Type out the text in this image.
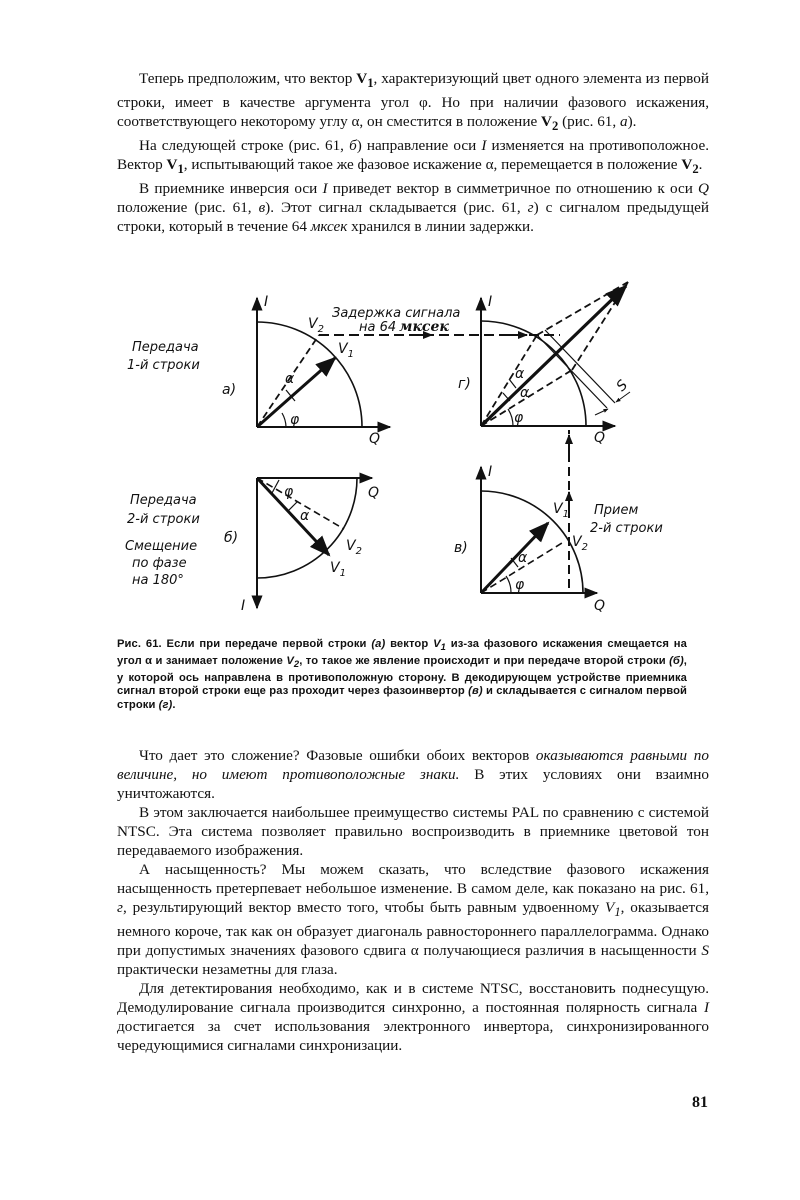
Теперь предположим, что вектор $V_1$, характеризующий цвет одного элемента из первой строки, имеет в качестве аргумента угол φ. Но при наличии фазового искажения, соответствующего некоторому углу α, он сместится в положение $V_2$ (рис. 61, а).

На следующей строке (рис. 61, б) направление оси I изменяется на противоположное. Вектор $V_1$, испытывающий такое же фазовое искажение α, перемещается в положение $V_2$.

В приемнике инверсия оси I приведет вектор в симметричное по отношению к оси Q положение (рис. 61, в). Этот сигнал складывается (рис. 61, г) с сигналом предыдущей строки, который в течение 64 мксек хранился в линии задержки.

I
Q
$V_2$
$V_1$
α
φ
а)
Передача
1-й строки
Задержка сигнала
на 64 мксек
I
Q
α
α
φ
S
г)
φ
α
Q
I
$V_2$
$V_1$
б)
Передача
2-й строки
Смещение
по фазе
на 180°
I
Q
$V_1$
$V_2$
α
φ
в)
Прием
2-й строки
Рис. 61. Если при передаче первой строки (а) вектор $V_1$ из-за фазового искажения смещается на угол α и занимает положение $V_2$, то такое же явление происходит и при передаче второй строки (б), у которой ось направлена в противоположную сторону. В декодирующем устройстве приемника сигнал второй строки еще раз проходит через фазоинвертор (в) и складывается с сигналом первой строки (г).

Что дает это сложение? Фазовые ошибки обоих векторов оказываются равными по величине, но имеют противоположные знаки. В этих условиях они взаимно уничтожаются.

В этом заключается наибольшее преимущество системы PAL по сравнению с системой NTSC. Эта система позволяет правильно воспроизводить в приемнике цветовой тон передаваемого изображения.

А насыщенность? Мы можем сказать, что вследствие фазового искажения насыщенность претерпевает небольшое изменение. В самом деле, как показано на рис. 61, г, результирующий вектор вместо того, чтобы быть равным удвоенному $V_1$, оказывается немного короче, так как он образует диагональ равностороннего параллелограмма. Однако при допустимых значениях фазового сдвига α получающиеся различия в насыщенности S практически незаметны для глаза.

Для детектирования необходимо, как и в системе NTSC, восстановить поднесущую. Демодулирование сигнала производится синхронно, а постоянная полярность сигнала I достигается за счет использования электронного инвертора, синхронизированного чередующимися сигналами синхронизации.

81
